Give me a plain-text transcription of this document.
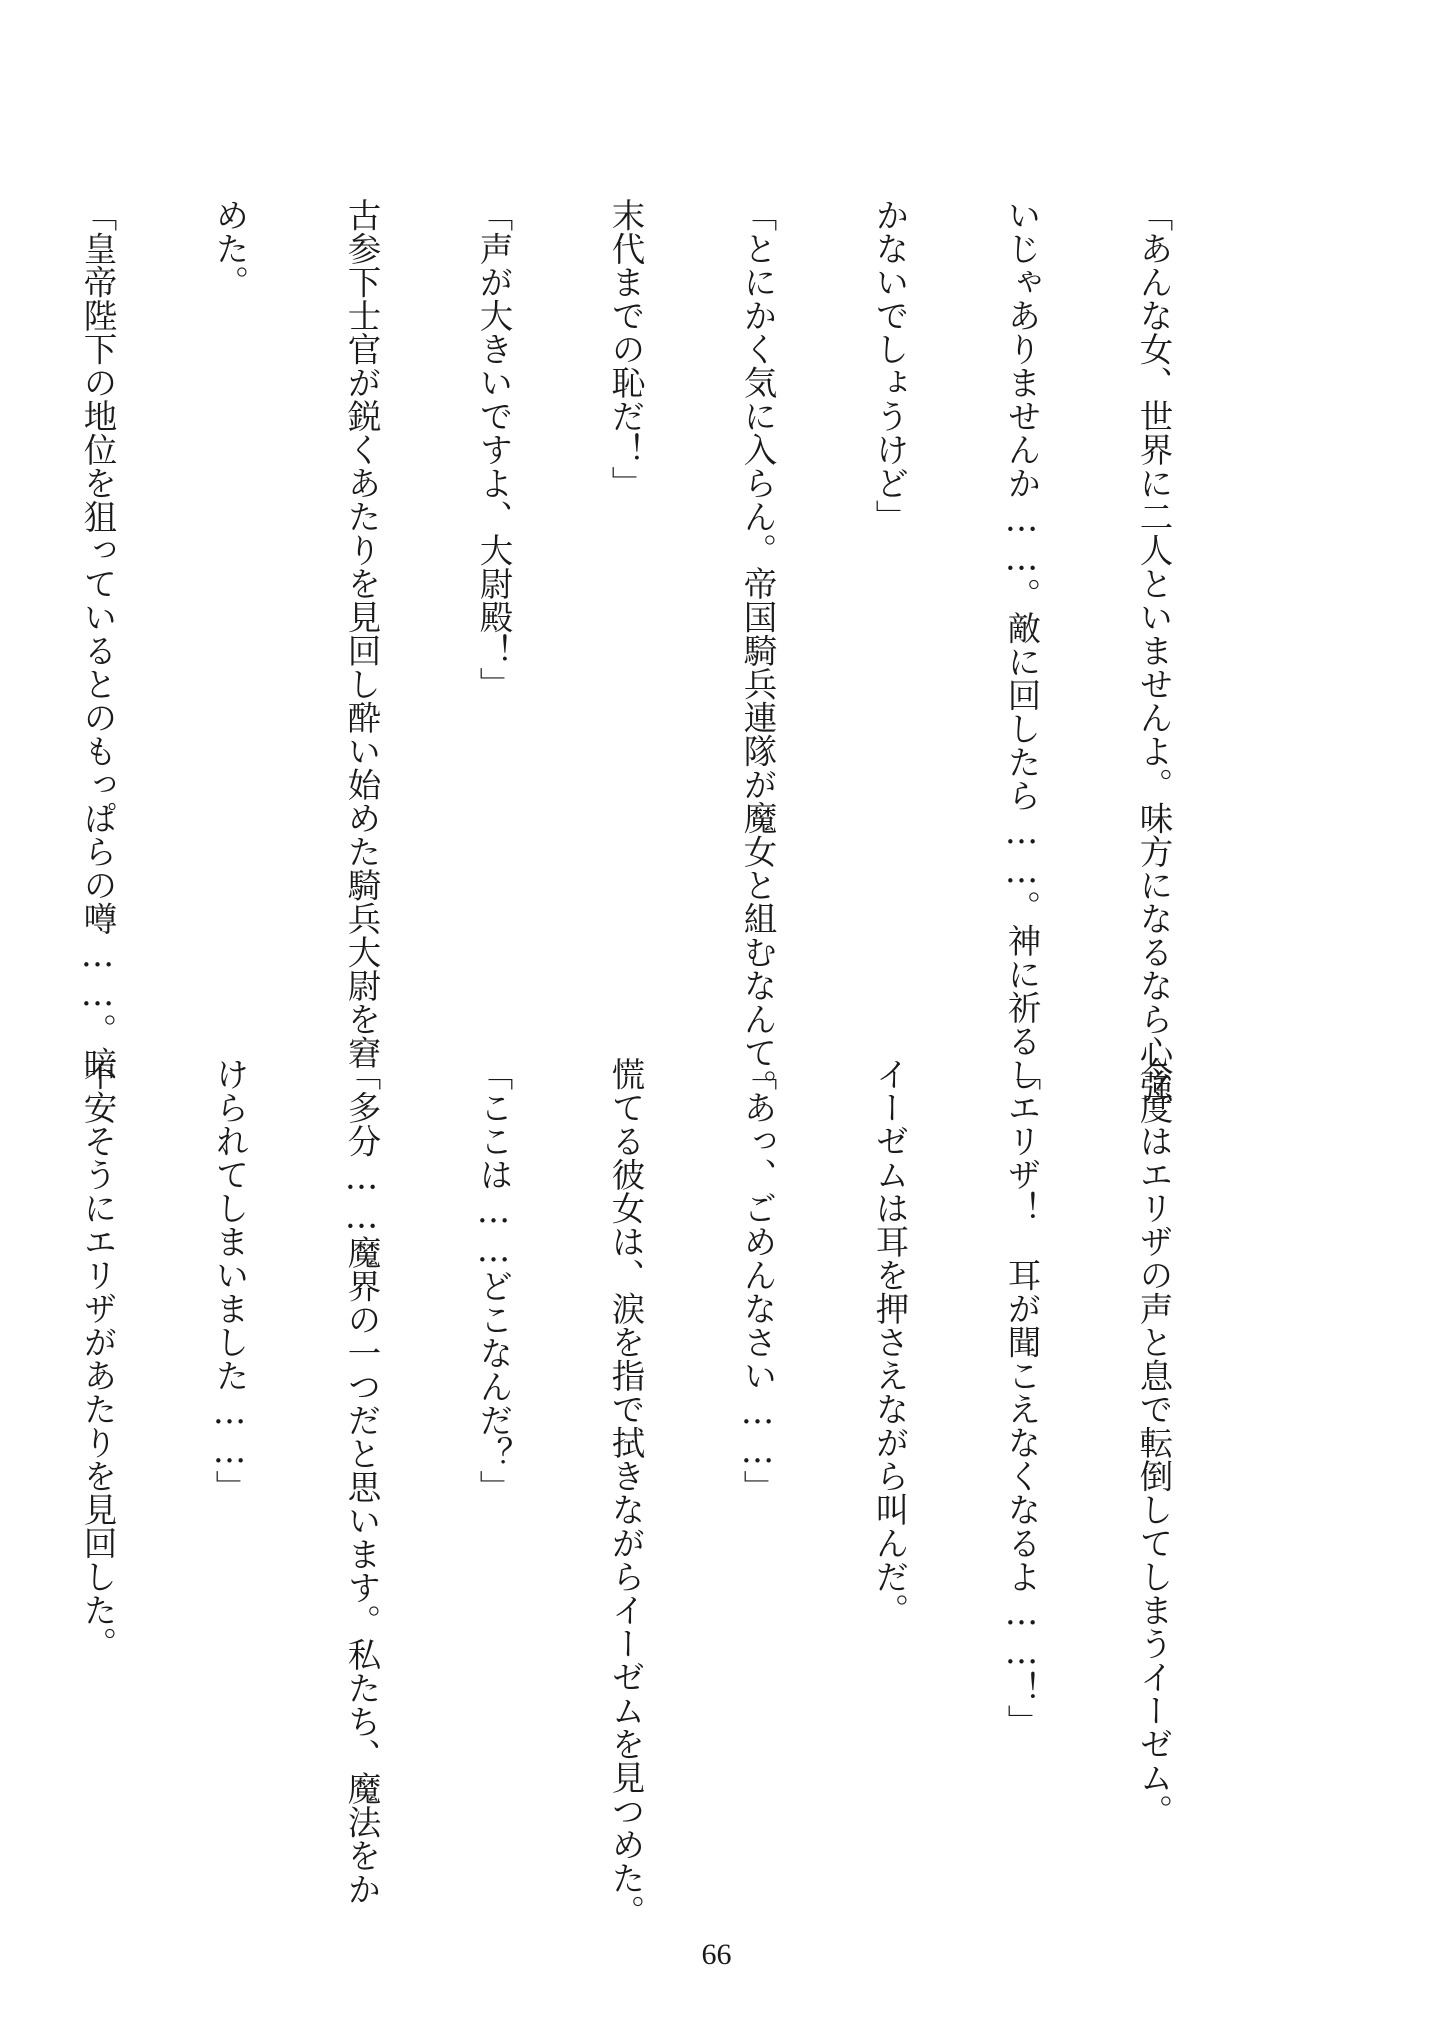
「あんな女、世界に二人といませんよ。味方になるなら心強

いじゃありませんか……。敵に回したら……。神に祈るし

かないでしょうけど」

「とにかく気に入らん。帝国騎兵連隊が魔女と組むなんて。

末代までの恥だ！」

「声が大きいですよ、大尉殿！」

古参下士官が鋭くあたりを見回し酔い始めた騎兵大尉を窘

めた。

「皇帝陛下の地位を狙っているとのもっぱらの噂……。暗

今度はエリザの声と息で転倒してしまうイーゼム。

「エリザ！　耳が聞こえなくなるよ……！」

イーゼムは耳を押さえながら叫んだ。

「あっ、ごめんなさい……」

慌てる彼女は、涙を指で拭きながらイーゼムを見つめた。

「ここは……どこなんだ？」

「多分……魔界の一つだと思います。私たち、魔法をか

けられてしまいました……」

不安そうにエリザがあたりを見回した。

66
